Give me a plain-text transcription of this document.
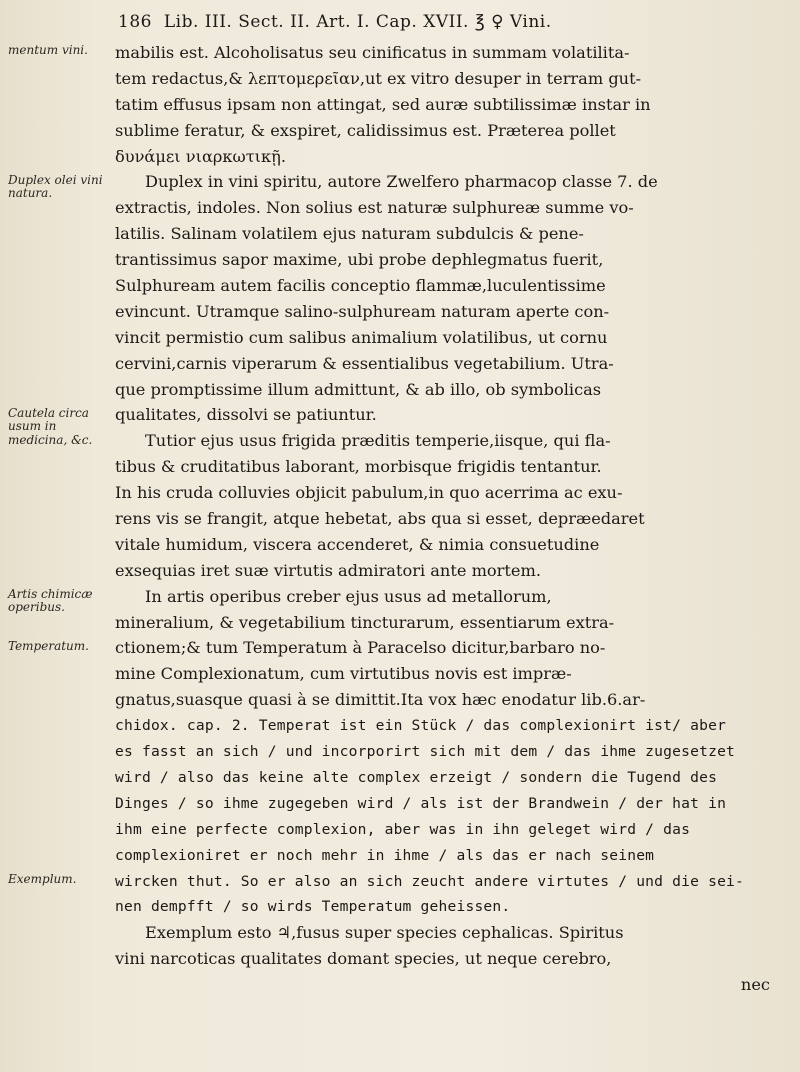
186 Lib. III. Sect. II. Art. I. Cap. XVII. ℥ ♀ Vini.
mentum vini.
Duplex olei vini natura.
Cautela circa usum in medicina, &c.
Artis chimicæ operibus.
Temperatum.
Exemplum.
mabilis est. Alcoholisatus seu cinificatus in summam volatilita-
tem redactus,& λεπτομερεῖαν,ut ex vitro desuper in terram gut-
tatim effusus ipsam non attingat, sed auræ subtilissimæ instar in
sublime feratur, & exspiret, calidissimus est. Præterea pollet
δυνάμει νιαρκωτικῇ.
Duplex in vini spiritu, autore Zwelfero pharmacop classe 7. de
extractis, indoles. Non solius est naturæ sulphureæ summe vo-
latilis. Salinam volatilem ejus naturam subdulcis & pene-
trantissimus sapor maxime, ubi probe dephlegmatus fuerit,
Sulphuream autem facilis conceptio flammæ,luculentissime
evincunt. Utramque salino-sulphuream naturam aperte con-
vincit permistio cum salibus animalium volatilibus, ut cornu
cervini,carnis viperarum & essentialibus vegetabilium. Utra-
que promptissime illum admittunt, & ab illo, ob symbolicas
qualitates, dissolvi se patiuntur.
Tutior ejus usus frigida præditis temperie,iisque, qui fla-
tibus & cruditatibus laborant, morbisque frigidis tentantur.
In his cruda colluvies objicit pabulum,in quo acerrima ac exu-
rens vis se frangit, atque hebetat, abs qua si esset, depræedaret
vitale humidum, viscera accenderet, & nimia consuetudine
exsequias iret suæ virtutis admiratori ante mortem.
In artis operibus creber ejus usus ad metallorum,
mineralium, & vegetabilium tincturarum, essentiarum extra-
ctionem;& tum Temperatum à Paracelso dicitur,barbaro no-
mine Complexionatum, cum virtutibus novis est impræ-
gnatus,suasque quasi à se dimittit.Ita vox hæc enodatur lib.6.ar-
chidox. cap. 2. Temperat ist ein Stück / das complexionirt ist/ aber
es fasst an sich / und incorporirt sich mit dem / das ihme zugesetzet
wird / also das keine alte complex erzeigt / sondern die Tugend des
Dinges / so ihme zugegeben wird / als ist der Brandwein / der hat in
ihm eine perfecte complexion, aber was in ihn geleget wird / das
complexioniret er noch mehr in ihme / als das er nach seinem
wircken thut. So er also an sich zeucht andere virtutes / und die sei-
nen dempfft / so wirds Temperatum geheissen.
Exemplum esto ♃,fusus super species cephalicas. Spiritus
vini narcoticas qualitates domant species, ut neque cerebro,
nec
